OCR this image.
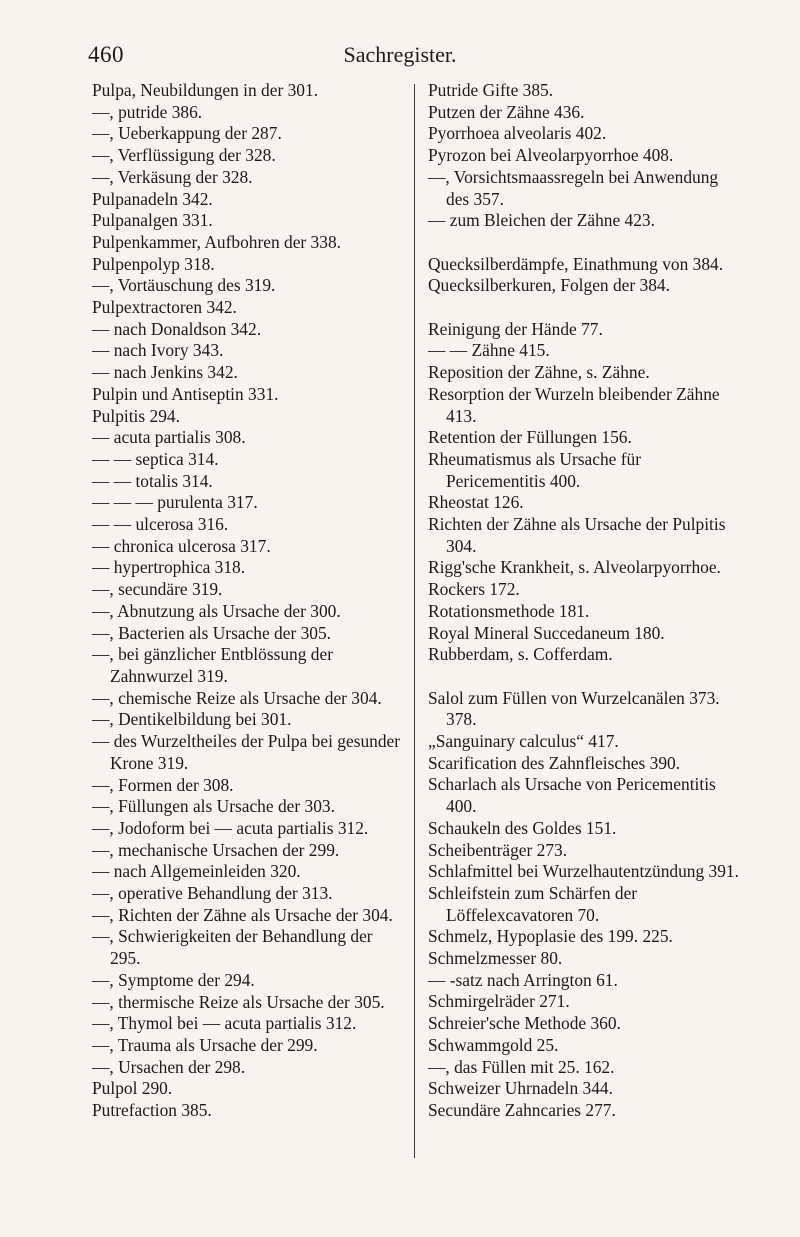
460	Sachregister.

Pulpa, Neubildungen in der 301.

—, putride 386.

—, Ueberkappung der 287.

—, Verflüssigung der 328.

—, Verkäsung der 328.

Pulpanadeln 342.

Pulpanalgen 331.

Pulpenkammer, Aufbohren der 338.

Pulpenpolyp 318.

—, Vortäuschung des 319.

Pulpextractoren 342.

— nach Donaldson 342.

— nach Ivory 343.

— nach Jenkins 342.

Pulpin und Antiseptin 331.

Pulpitis 294.

— acuta partialis 308.

— — septica 314.

— — totalis 314.

— — — purulenta 317.

— — ulcerosa 316.

— chronica ulcerosa 317.

— hypertrophica 318.

—, secundäre 319.

—, Abnutzung als Ursache der 300.

—, Bacterien als Ursache der 305.

—, bei gänzlicher Entblössung der Zahnwurzel 319.

—, chemische Reize als Ursache der 304.

—, Dentikelbildung bei 301.

— des Wurzeltheiles der Pulpa bei gesunder Krone 319.

—, Formen der 308.

—, Füllungen als Ursache der 303.

—, Jodoform bei — acuta partialis 312.

—, mechanische Ursachen der 299.

— nach Allgemeinleiden 320.

—, operative Behandlung der 313.

—, Richten der Zähne als Ursache der 304.

—, Schwierigkeiten der Behandlung der 295.

—, Symptome der 294.

—, thermische Reize als Ursache der 305.

—, Thymol bei — acuta partialis 312.

—, Trauma als Ursache der 299.

—, Ursachen der 298.

Pulpol 290.

Putrefaction 385.

Putride Gifte 385.

Putzen der Zähne 436.

Pyorrhoea alveolaris 402.

Pyrozon bei Alveolarpyorrhoe 408.

—, Vorsichtsmaassregeln bei Anwendung des 357.

— zum Bleichen der Zähne 423.

Quecksilberdämpfe, Einathmung von 384.

Quecksilberkuren, Folgen der 384.

Reinigung der Hände 77.

— — Zähne 415.

Reposition der Zähne, s. Zähne.

Resorption der Wurzeln bleibender Zähne 413.

Retention der Füllungen 156.

Rheumatismus als Ursache für Pericementitis 400.

Rheostat 126.

Richten der Zähne als Ursache der Pulpitis 304.

Rigg'sche Krankheit, s. Alveolarpyorrhoe.

Rockers 172.

Rotationsmethode 181.

Royal Mineral Succedaneum 180.

Rubberdam, s. Cofferdam.

Salol zum Füllen von Wurzelcanälen 373. 378.

„Sanguinary calculus“ 417.

Scarification des Zahnfleisches 390.

Scharlach als Ursache von Pericementitis 400.

Schaukeln des Goldes 151.

Scheibenträger 273.

Schlafmittel bei Wurzelhautentzündung 391.

Schleifstein zum Schärfen der Löffelexcavatoren 70.

Schmelz, Hypoplasie des 199. 225.

Schmelzmesser 80.

— -satz nach Arrington 61.

Schmirgelräder 271.

Schreier'sche Methode 360.

Schwammgold 25.

—, das Füllen mit 25. 162.

Schweizer Uhrnadeln 344.

Secundäre Zahncaries 277.
